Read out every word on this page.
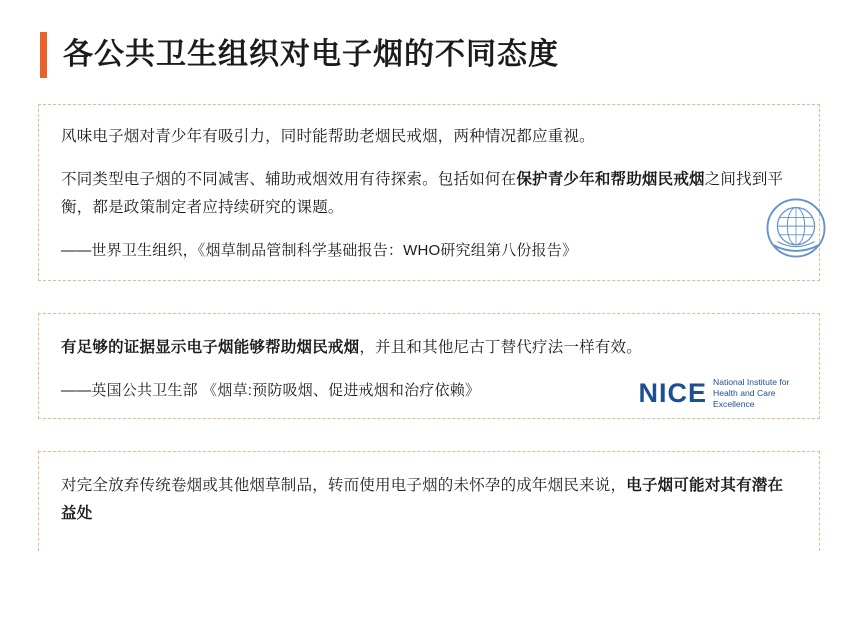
各公共卫生组织对电子烟的不同态度

风味电子烟对青少年有吸引力，同时能帮助老烟民戒烟，两种情况都应重视。

不同类型电子烟的不同减害、辅助戒烟效用有待探索。包括如何在保护青少年和帮助烟民戒烟之间找到平衡，都是政策制定者应持续研究的课题。

——世界卫生组织，《烟草制品管制科学基础报告：WHO研究组第八份报告》

有足够的证据显示电子烟能够帮助烟民戒烟，并且和其他尼古丁替代疗法一样有效。

——英国公共卫生部 《烟草:预防吸烟、促进戒烟和治疗依赖》	NICE National Institute for
Health and Care Excellence

对完全放弃传统卷烟或其他烟草制品，转而使用电子烟的未怀孕的成年烟民来说，电子烟可能对其有潜在益处
